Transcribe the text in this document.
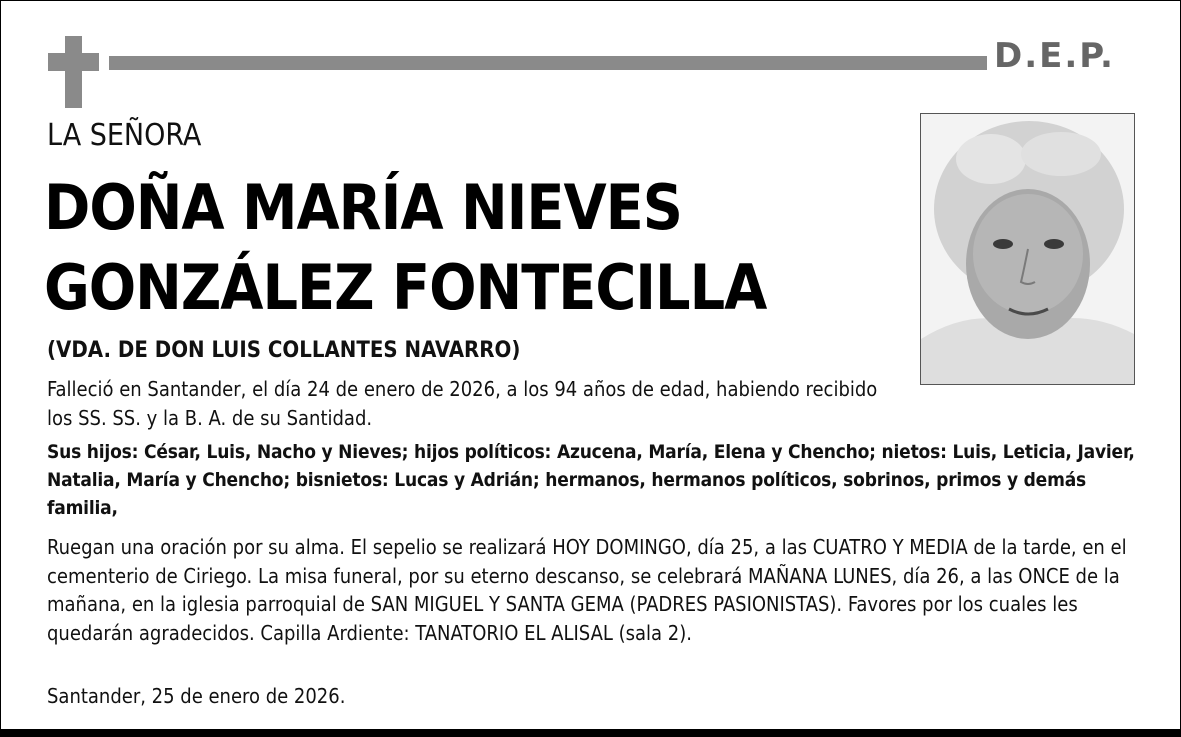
D.E.P.
LA SEÑORA
DOÑA MARÍA NIEVES
GONZÁLEZ FONTECILLA
(VDA. DE DON LUIS COLLANTES NAVARRO)

Falleció en Santander, el día 24 de enero de 2026, a los 94 años de edad, habiendo recibido los SS. SS. y la B. A. de su Santidad.

Sus hijos: César, Luis, Nacho y Nieves; hijos políticos: Azucena, María, Elena y Chencho; nietos: Luis, Leticia, Javier, Natalia, María y Chencho; bisnietos: Lucas y Adrián; hermanos, hermanos políticos, sobrinos, primos y demás familia,

Ruegan una oración por su alma. El sepelio se realizará HOY DOMINGO, día 25, a las CUATRO Y MEDIA de la tarde, en el cementerio de Ciriego. La misa funeral, por su eterno descanso, se celebrará MAÑANA LUNES, día 26, a las ONCE de la mañana, en la iglesia parroquial de SAN MIGUEL Y SANTA GEMA (PADRES PASIONISTAS). Favores por los cuales les quedarán agradecidos. Capilla Ardiente: TANATORIO EL ALISAL (sala 2).

Santander, 25 de enero de 2026.
